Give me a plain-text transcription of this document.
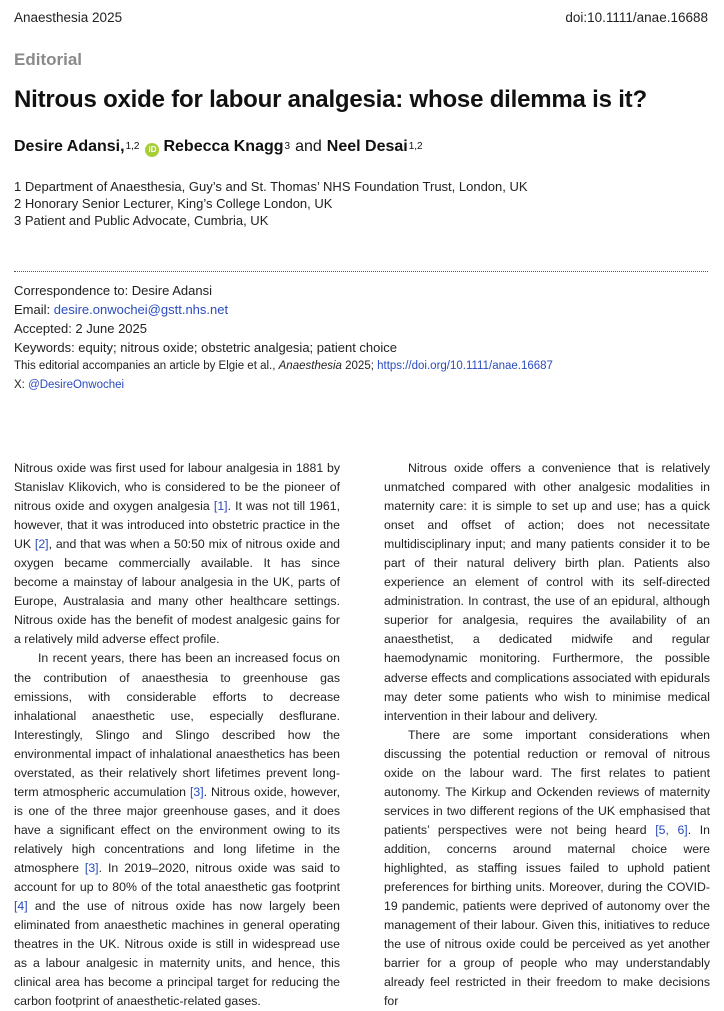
Anaesthesia 2025	doi:10.1111/anae.16688
Editorial
Nitrous oxide for labour analgesia: whose dilemma is it?
Desire Adansi,$^{1,2}$	iD Rebecca Knagg$^3$ and Neel Desai$^{1,2}$
1 Department of Anaesthesia, Guy’s and St. Thomas’ NHS Foundation Trust, London, UK
2 Honorary Senior Lecturer, King’s College London, UK
3 Patient and Public Advocate, Cumbria, UK
Correspondence to: Desire Adansi
Email: desire.onwochei@gstt.nhs.net
Accepted: 2 June 2025
Keywords: equity; nitrous oxide; obstetric analgesia; patient choice
This editorial accompanies an article by Elgie et al., Anaesthesia 2025; https://doi.org/10.1111/anae.16687
X: @DesireOnwochei

Nitrous oxide was first used for labour analgesia in 1881 by Stanislav Klikovich, who is considered to be the pioneer of nitrous oxide and oxygen analgesia [1]. It was not till 1961, however, that it was introduced into obstetric practice in the UK [2], and that was when a 50:50 mix of nitrous oxide and oxygen became commercially available. It has since become a mainstay of labour analgesia in the UK, parts of Europe, Australasia and many other healthcare settings. Nitrous oxide has the benefit of modest analgesic gains for a relatively mild adverse effect profile.

In recent years, there has been an increased focus on the contribution of anaesthesia to greenhouse gas emissions, with considerable efforts to decrease inhalational anaesthetic use, especially desflurane. Interestingly, Slingo and Slingo described how the environmental impact of inhalational anaesthetics has been overstated, as their relatively short lifetimes prevent long-term atmospheric accumulation [3]. Nitrous oxide, however, is one of the three major greenhouse gases, and it does have a significant effect on the environment owing to its relatively high concentrations and long lifetime in the atmosphere [3]. In 2019–2020, nitrous oxide was said to account for up to 80% of the total anaesthetic gas footprint [4] and the use of nitrous oxide has now largely been eliminated from anaesthetic machines in general operating theatres in the UK. Nitrous oxide is still in widespread use as a labour analgesic in maternity units, and hence, this clinical area has become a principal target for reducing the carbon footprint of anaesthetic-related gases.

Nitrous oxide offers a convenience that is relatively unmatched compared with other analgesic modalities in maternity care: it is simple to set up and use; has a quick onset and offset of action; does not necessitate multidisciplinary input; and many patients consider it to be part of their natural delivery birth plan. Patients also experience an element of control with its self-directed administration. In contrast, the use of an epidural, although superior for analgesia, requires the availability of an anaesthetist, a dedicated midwife and regular haemodynamic monitoring. Furthermore, the possible adverse effects and complications associated with epidurals may deter some patients who wish to minimise medical intervention in their labour and delivery.

There are some important considerations when discussing the potential reduction or removal of nitrous oxide on the labour ward. The first relates to patient autonomy. The Kirkup and Ockenden reviews of maternity services in two different regions of the UK emphasised that patients’ perspectives were not being heard [5, 6]. In addition, concerns around maternal choice were highlighted, as staffing issues failed to uphold patient preferences for birthing units. Moreover, during the COVID-19 pandemic, patients were deprived of autonomy over the management of their labour. Given this, initiatives to reduce the use of nitrous oxide could be perceived as yet another barrier for a group of people who may understandably already feel restricted in their freedom to make decisions for
